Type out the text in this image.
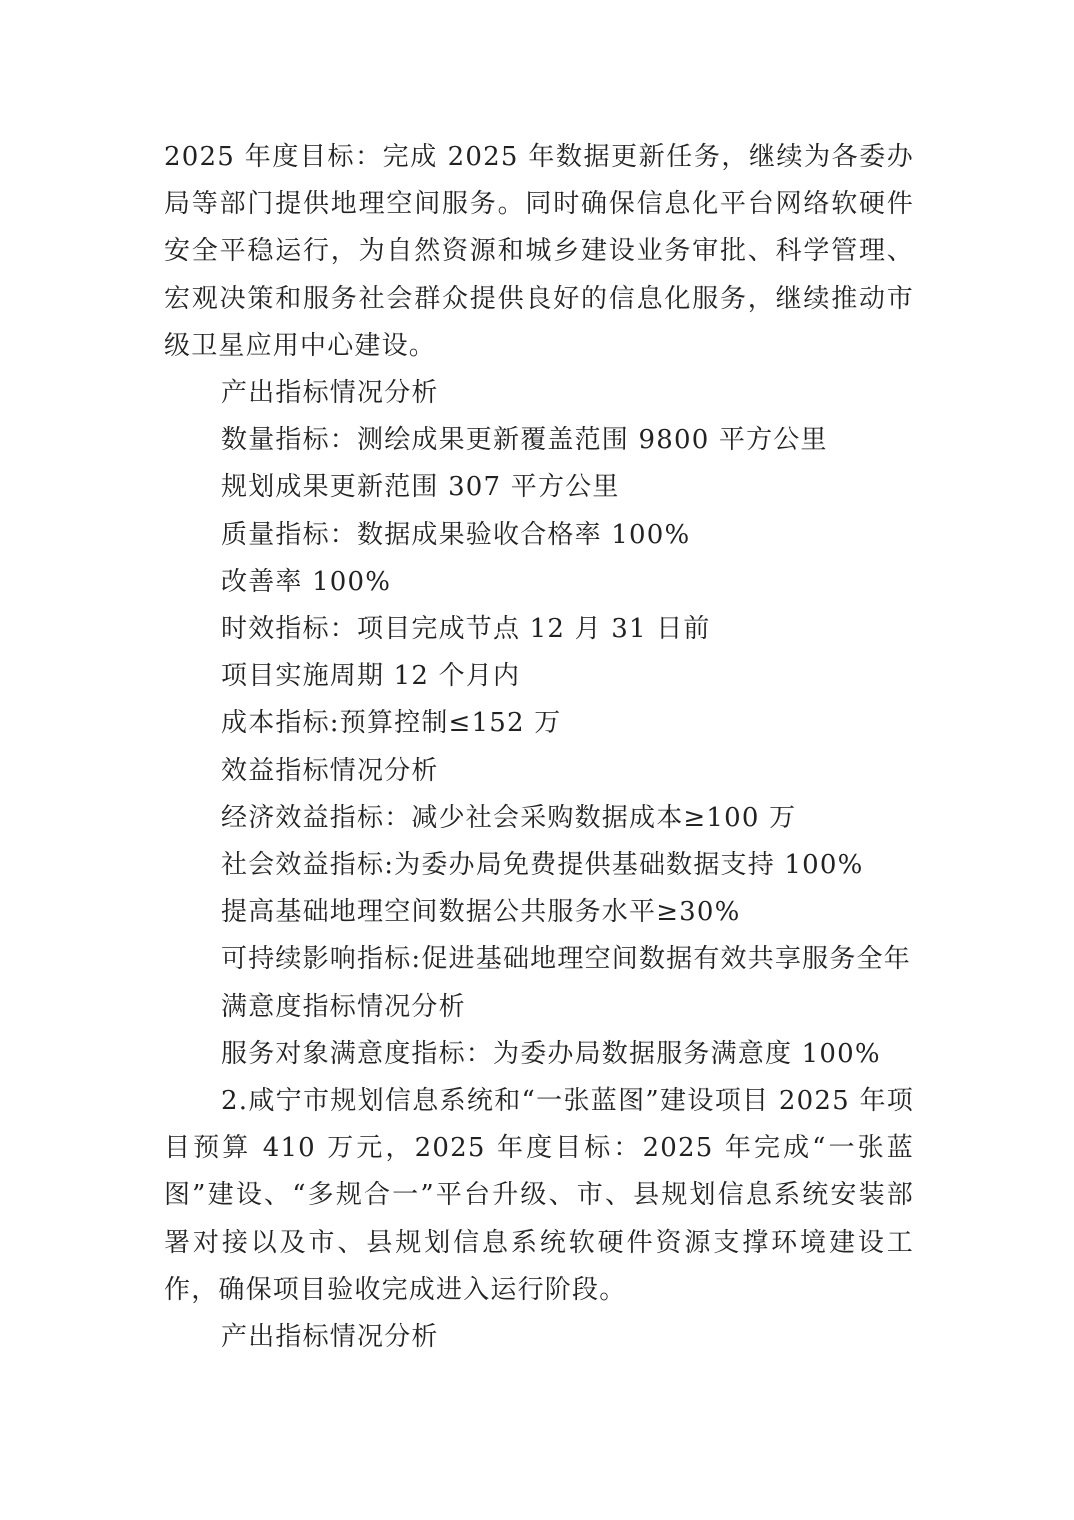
2025 年度目标：完成 2025 年数据更新任务，继续为各委办局等部门提供地理空间服务。同时确保信息化平台网络软硬件安全平稳运行，为自然资源和城乡建设业务审批、科学管理、宏观决策和服务社会群众提供良好的信息化服务，继续推动市级卫星应用中心建设。

产出指标情况分析
数量指标：测绘成果更新覆盖范围 9800 平方公里
规划成果更新范围 307 平方公里
质量指标：数据成果验收合格率 100%
改善率 100%
时效指标：项目完成节点 12 月 31 日前
项目实施周期 12 个月内
成本指标:预算控制≤152 万
效益指标情况分析
经济效益指标：减少社会采购数据成本≥100 万
社会效益指标:为委办局免费提供基础数据支持 100%
提高基础地理空间数据公共服务水平≥30%
可持续影响指标:促进基础地理空间数据有效共享服务全年
满意度指标情况分析
服务对象满意度指标：为委办局数据服务满意度 100%

2.咸宁市规划信息系统和“一张蓝图”建设项目 2025 年项目预算 410 万元，2025 年度目标：2025 年完成“一张蓝图”建设、“多规合一”平台升级、市、县规划信息系统安装部署对接以及市、县规划信息系统软硬件资源支撑环境建设工作，确保项目验收完成进入运行阶段。

产出指标情况分析
